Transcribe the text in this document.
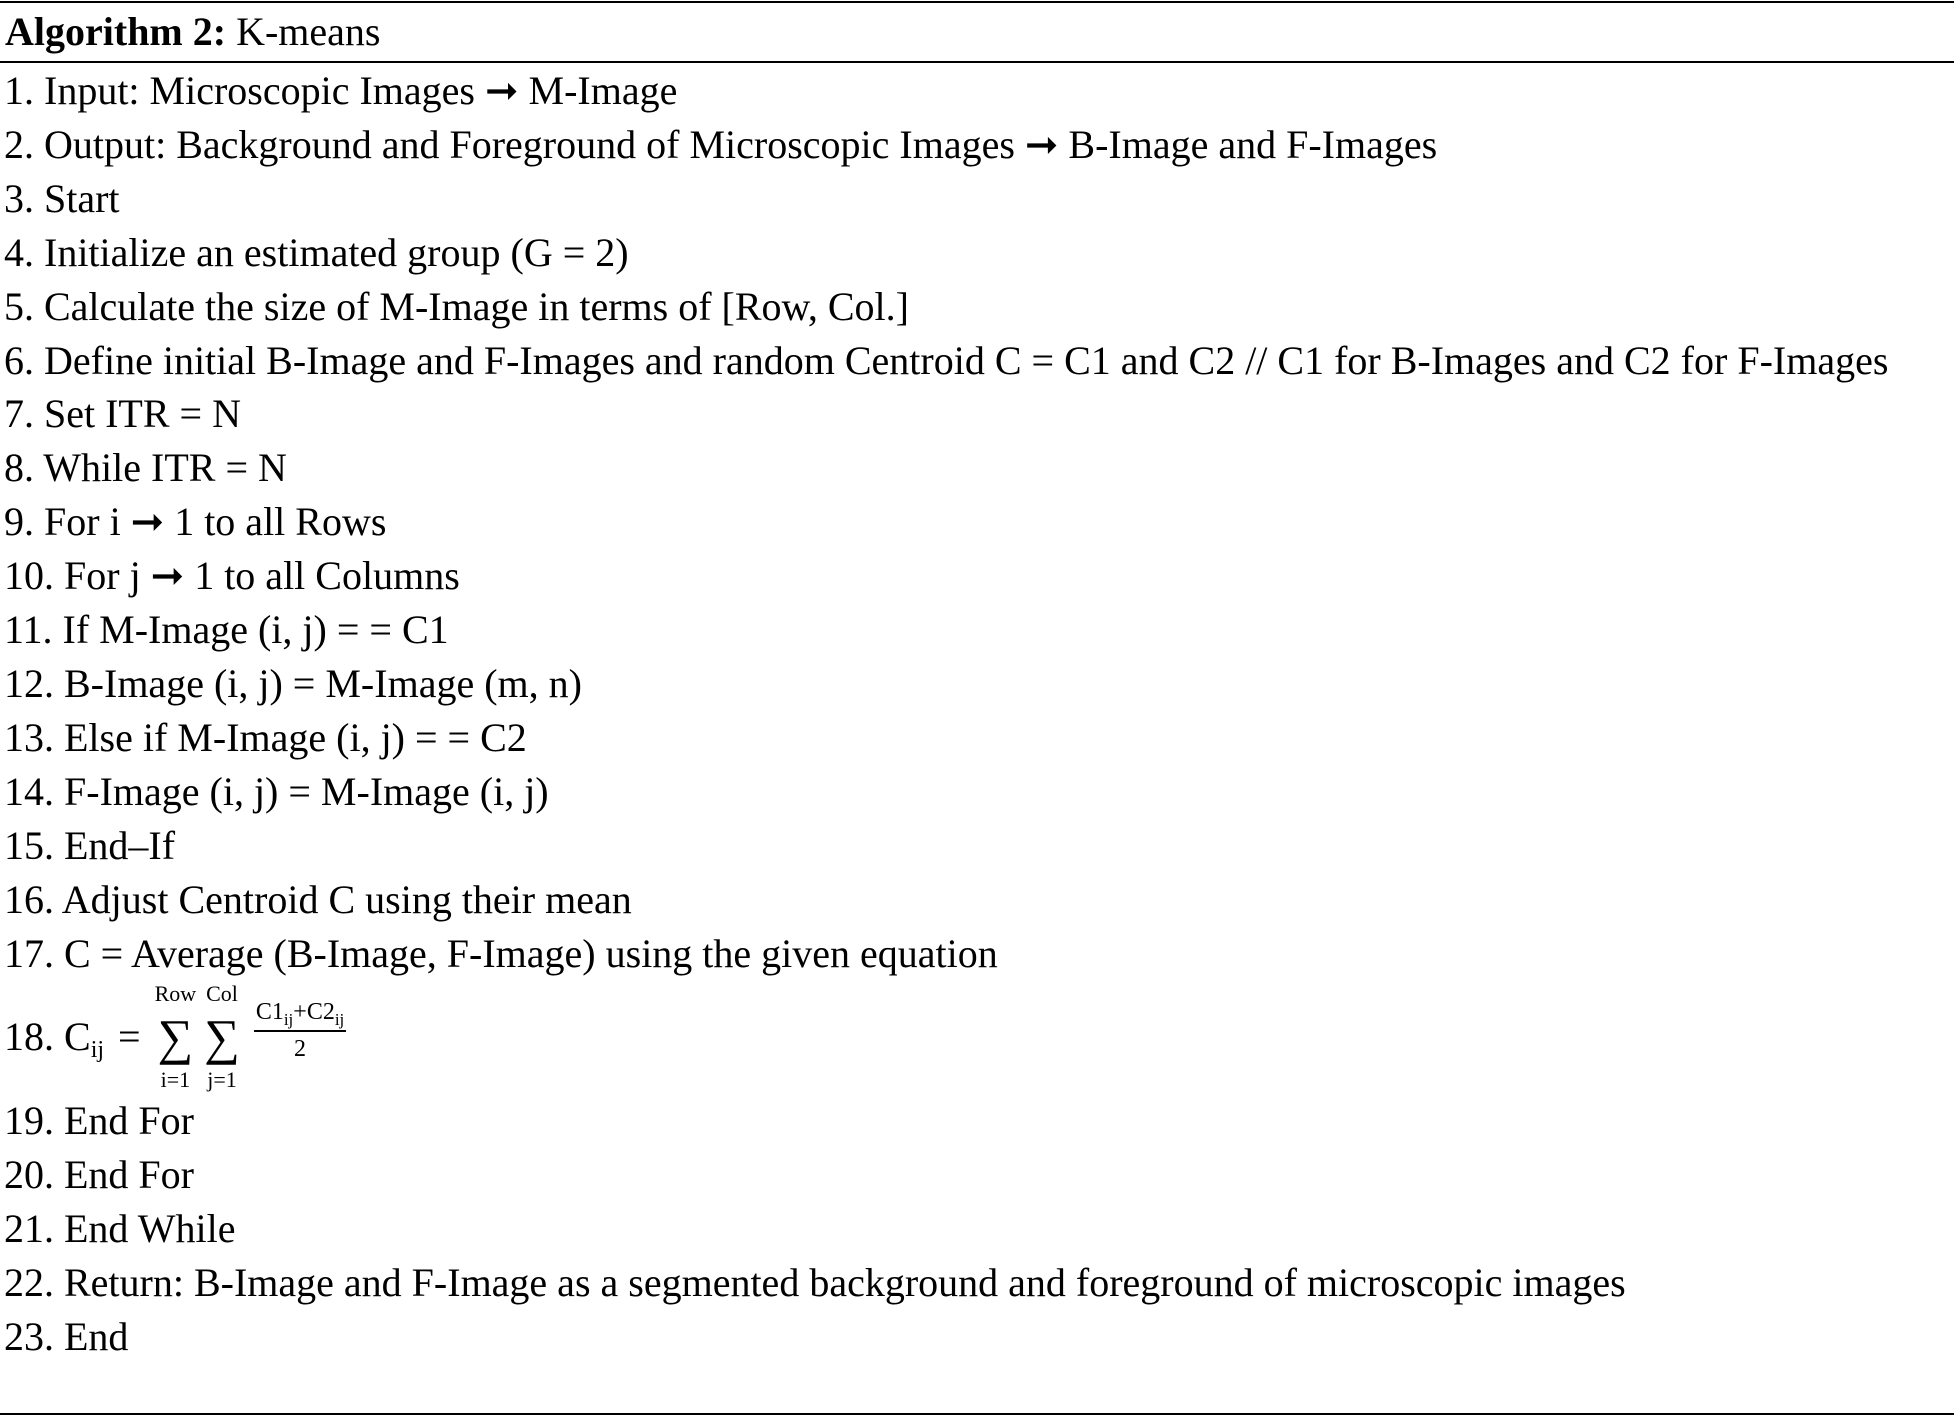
Algorithm 2: K-means
1. Input: Microscopic Images ➞ M-Image
2. Output: Background and Foreground of Microscopic Images ➞ B-Image and F-Images
3. Start
4. Initialize an estimated group (G = 2)
5. Calculate the size of M-Image in terms of [Row, Col.]
6. Define initial B-Image and F-Images and random Centroid C = C1 and C2 // C1 for B-Images and C2 for F-Images
7. Set ITR = N
8. While ITR = N
9. For i ➞ 1 to all Rows
10. For j ➞ 1 to all Columns
11. If M-Image (i, j) = = C1
12. B-Image (i, j) = M-Image (m, n)
13. Else if M-Image (i, j) = = C2
14. F-Image (i, j) = M-Image (i, j)
15. End–If
16. Adjust Centroid C using their mean
17. C = Average (B-Image, F-Image) using the given equation
18.
C ij =
Row
∑
i=1
Col
∑
j=1
$\frac{C1_{ij}+C2_{ij}}{2}$
19. End For
20. End For
21. End While
22. Return: B-Image and F-Image as a segmented background and foreground of microscopic images
23. End
